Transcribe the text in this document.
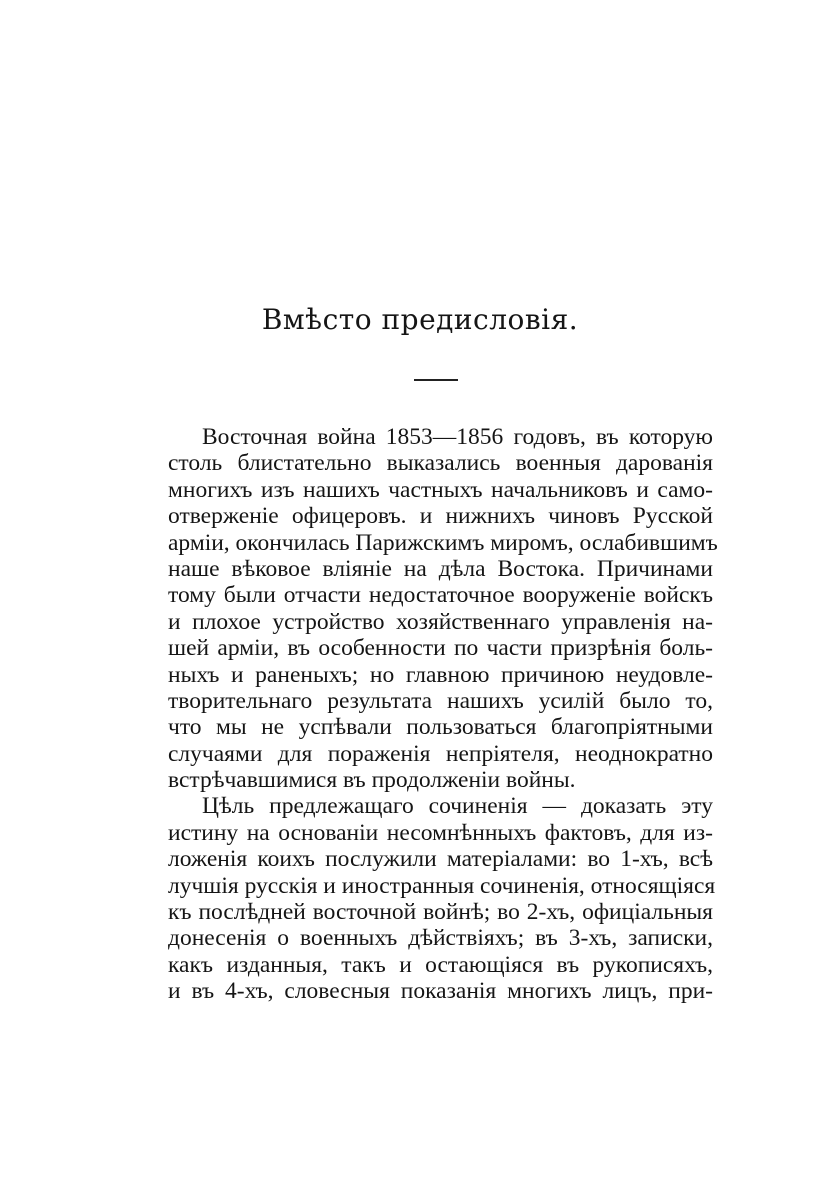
Вмѣсто предисловія.
Восточная война 1853—1856 годовъ, въ которую
столь блистательно выказались военныя дарованія
многихъ изъ нашихъ частныхъ начальниковъ и само-
отверженіе офицеровъ. и нижнихъ чиновъ Русской
арміи, окончилась Парижскимъ миромъ, ослабившимъ
наше вѣковое вліяніе на дѣла Востока. Причинами
тому были отчасти недостаточное вооруженіе войскъ
и плохое устройство хозяйственнаго управленія на-
шей арміи, въ особенности по части призрѣнія боль-
ныхъ и раненыхъ; но главною причиною неудовле-
творительнаго результата нашихъ усилій было то,
что мы не успѣвали пользоваться благопріятными
случаями для пораженія непріятеля, неоднократно
встрѣчавшимися въ продолженіи войны.
Цѣль предлежащаго сочиненія — доказать эту
истину на основаніи несомнѣнныхъ фактовъ, для из-
ложенія коихъ послужили матеріалами: во 1-хъ, всѣ
лучшія русскія и иностранныя сочиненія, относящіяся
къ послѣдней восточной войнѣ; во 2-хъ, офиціальныя
донесенія о военныхъ дѣйствіяхъ; въ 3-хъ, записки,
какъ изданныя, такъ и остающіяся въ рукописяхъ,
и въ 4-хъ, словесныя показанія многихъ лицъ, при-
